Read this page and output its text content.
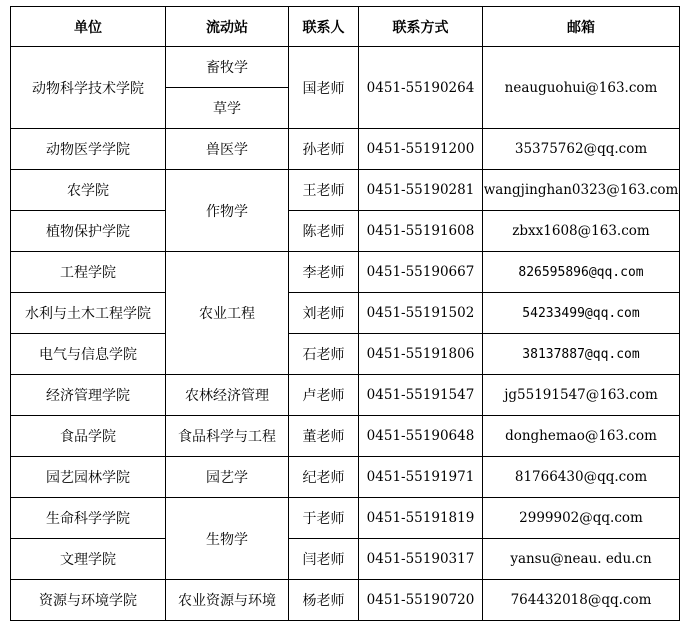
单位	流动站	联系人	联系方式	邮箱
动物科学技术学院	畜牧学	国老师	0451-55190264	neauguohui@163.com
	草学			
动物医学学院	兽医学	孙老师	0451-55191200	35375762@qq.com
农学院	作物学	王老师	0451-55190281	wangjinghan0323@163.com
植物保护学院		陈老师	0451-55191608	zbxx1608@163.com
工程学院	农业工程	李老师	0451-55190667	826595896@qq.com
水利与土木工程学院		刘老师	0451-55191502	54233499@qq.com
电气与信息学院		石老师	0451-55191806	38137887@qq.com
经济管理学院	农林经济管理	卢老师	0451-55191547	jg55191547@163.com
食品学院	食品科学与工程	董老师	0451-55190648	donghemao@163.com
园艺园林学院	园艺学	纪老师	0451-55191971	81766430@qq.com
生命科学学院	生物学	于老师	0451-55191819	2999902@qq.com
文理学院		闫老师	0451-55190317	yansu@neau. edu.cn
资源与环境学院	农业资源与环境	杨老师	0451-55190720	764432018@qq.com
